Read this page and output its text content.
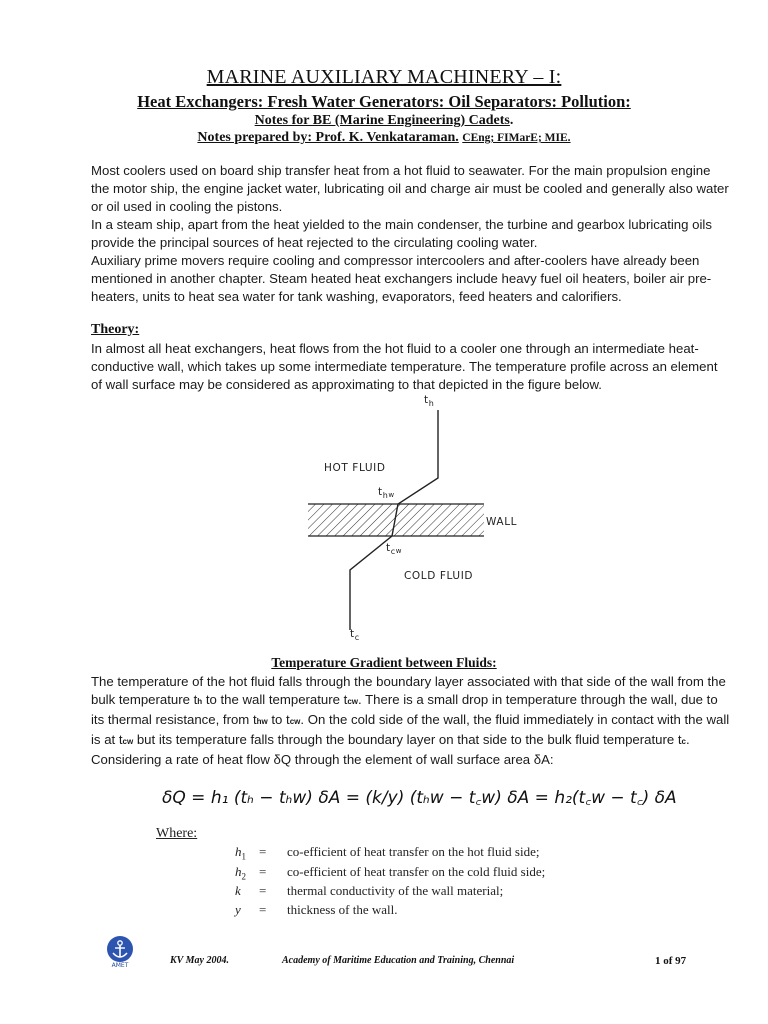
MARINE AUXILIARY MACHINERY – I:
Heat Exchangers: Fresh Water Generators: Oil Separators: Pollution:
Notes for BE (Marine Engineering) Cadets.
Notes prepared by: Prof. K. Venkataraman. CEng; FIMarE; MIE.
Most coolers used on board ship transfer heat from a hot fluid to seawater. For the main propulsion engine the motor ship, the engine jacket water, lubricating oil and charge air must be cooled and generally also water or oil used in cooling the pistons.
In a steam ship, apart from the heat yielded to the main condenser, the turbine and gearbox lubricating oils provide the principal sources of heat rejected to the circulating cooling water.
Auxiliary prime movers require cooling and compressor intercoolers and after-coolers have already been mentioned in another chapter. Steam heated heat exchangers include heavy fuel oil heaters, boiler air pre-heaters, units to heat sea water for tank washing, evaporators, feed heaters and calorifiers.
Theory:
In almost all heat exchangers, heat flows from the hot fluid to a cooler one through an intermediate heat-conductive wall, which takes up some intermediate temperature. The temperature profile across an element of wall surface may be considered as approximating to that depicted in the figure below.
$t_h$
HOT FLUID
$t_hw$
WALL
$t_cw$
COLD FLUID
$t_c$
Temperature Gradient between Fluids:
The temperature of the hot fluid falls through the boundary layer associated with that side of the wall from the bulk temperature th to the wall temperature tcw. There is a small drop in temperature through the wall, due to its thermal resistance, from thw to tcw. On the cold side of the wall, the fluid immediately in contact with the wall is at tcw but its temperature falls through the boundary layer on that side to the bulk fluid temperature tc.
Considering a rate of heat flow δQ through the element of wall surface area δA:
δQ = h₁ (tₕ − tₕw) δA = (k/y) (tₕw − t꜀w) δA = h₂(t꜀w − t꜀) δA
Where:
$h_1$ = co-efficient of heat transfer on the hot fluid side;
$h_2$ = co-efficient of heat transfer on the cold fluid side;
k = thermal conductivity of the wall material;
y = thickness of the wall.
AMET	KV May 2004.	Academy of Maritime Education and Training, Chennai	1 of 97
